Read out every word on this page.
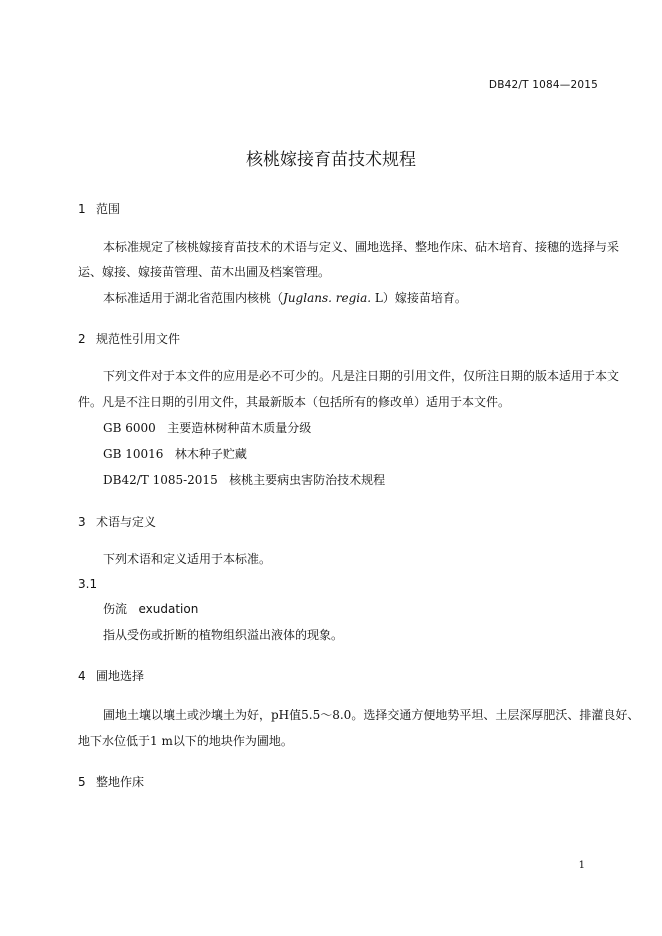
DB42/T 1084—2015
核桃嫁接育苗技术规程
1 范围
本标准规定了核桃嫁接育苗技术的术语与定义、圃地选择、整地作床、砧木培育、接穗的选择与采
运、嫁接、嫁接苗管理、苗木出圃及档案管理。
本标准适用于湖北省范围内核桃（Juglans. regia. L）嫁接苗培育。
2 规范性引用文件
下列文件对于本文件的应用是必不可少的。凡是注日期的引用文件，仅所注日期的版本适用于本文
件。凡是不注日期的引用文件，其最新版本（包括所有的修改单）适用于本文件。
GB 6000 主要造林树种苗木质量分级
GB 10016 林木种子贮藏
DB42/T 1085-2015 核桃主要病虫害防治技术规程
3 术语与定义
下列术语和定义适用于本标准。
3.1
伤流 exudation
指从受伤或折断的植物组织溢出液体的现象。
4 圃地选择
圃地土壤以壤土或沙壤土为好，pH值5.5～8.0。选择交通方便地势平坦、土层深厚肥沃、排灌良好、
地下水位低于1 m以下的地块作为圃地。
5 整地作床
1
